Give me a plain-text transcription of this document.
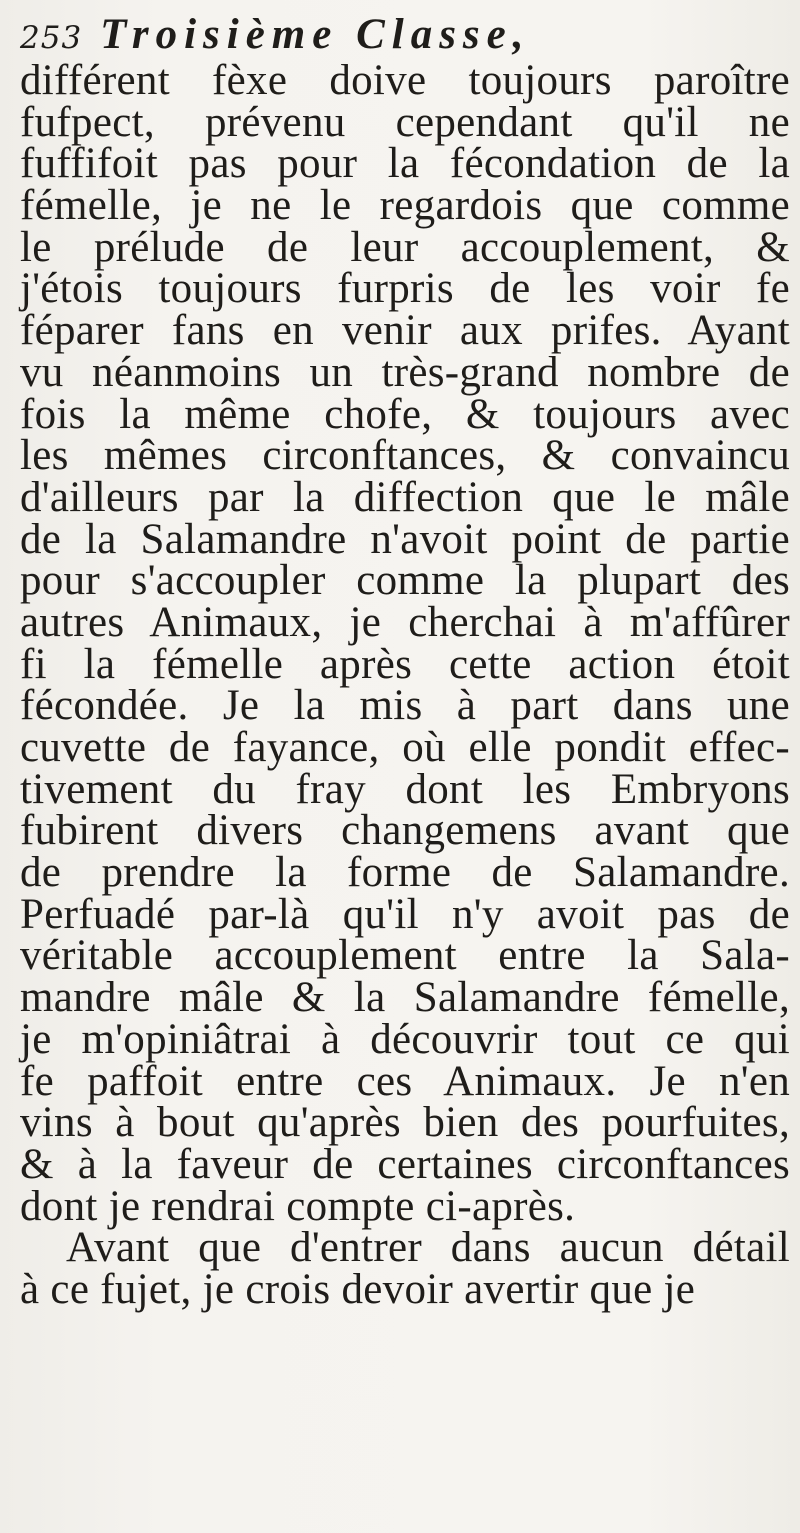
253 Troisième Classe,
différent fèxe doive toujours paroître
fufpect, prévenu cependant qu'il ne
fuffifoit pas pour la fécondation de la
fémelle, je ne le regardois que comme
le prélude de leur accouplement, &
j'étois toujours furpris de les voir fe
féparer fans en venir aux prifes. Ayant
vu néanmoins un très-grand nombre de
fois la même chofe, & toujours avec
les mêmes circonftances, & convaincu
d'ailleurs par la diffection que le mâle
de la Salamandre n'avoit point de partie
pour s'accoupler comme la plupart des
autres Animaux, je cherchai à m'affûrer
fi la fémelle après cette action étoit
fécondée. Je la mis à part dans une
cuvette de fayance, où elle pondit effec-
tivement du fray dont les Embryons
fubirent divers changemens avant que
de prendre la forme de Salamandre.
Perfuadé par-là qu'il n'y avoit pas de
véritable accouplement entre la Sala-
mandre mâle & la Salamandre fémelle,
je m'opiniâtrai à découvrir tout ce qui
fe paffoit entre ces Animaux. Je n'en
vins à bout qu'après bien des pourfuites,
& à la faveur de certaines circonftances
dont je rendrai compte ci-après.
Avant que d'entrer dans aucun détail
à ce fujet, je crois devoir avertir que je
